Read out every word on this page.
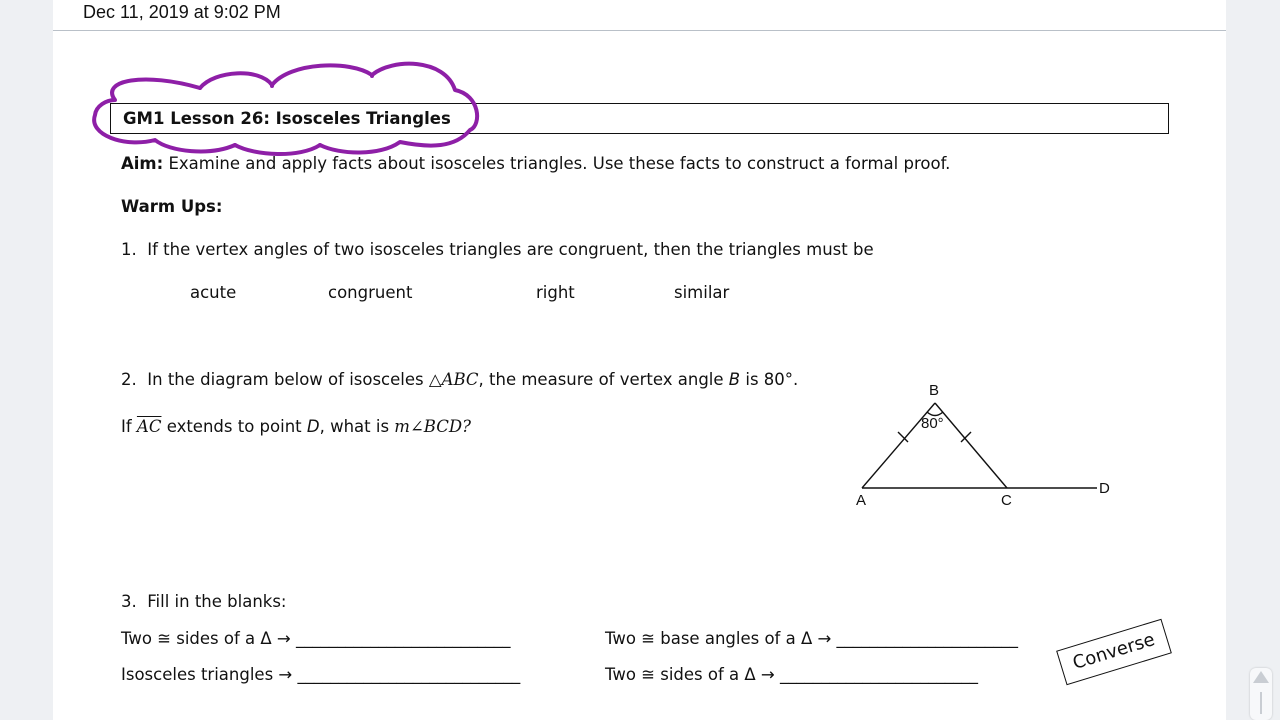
Dec 11, 2019 at 9:02 PM
GM1 Lesson 26: Isosceles Triangles
Aim: Examine and apply facts about isosceles triangles. Use these facts to construct a formal proof.
Warm Ups:
1. If the vertex angles of two isosceles triangles are congruent, then the triangles must be
acute	congruent	right	similar
2. In the diagram below of isosceles △ABC, the measure of vertex angle B is 80°.
If $\overline{AC}$ extends to point D, what is m∠BCD?
3. Fill in the blanks:
Two ≅ sides of a Δ → __________________________	Two ≅ base angles of a Δ → ______________________
Isosceles triangles → ___________________________	Two ≅ sides of a Δ → ________________________
B
A	C
D
80°
Converse
